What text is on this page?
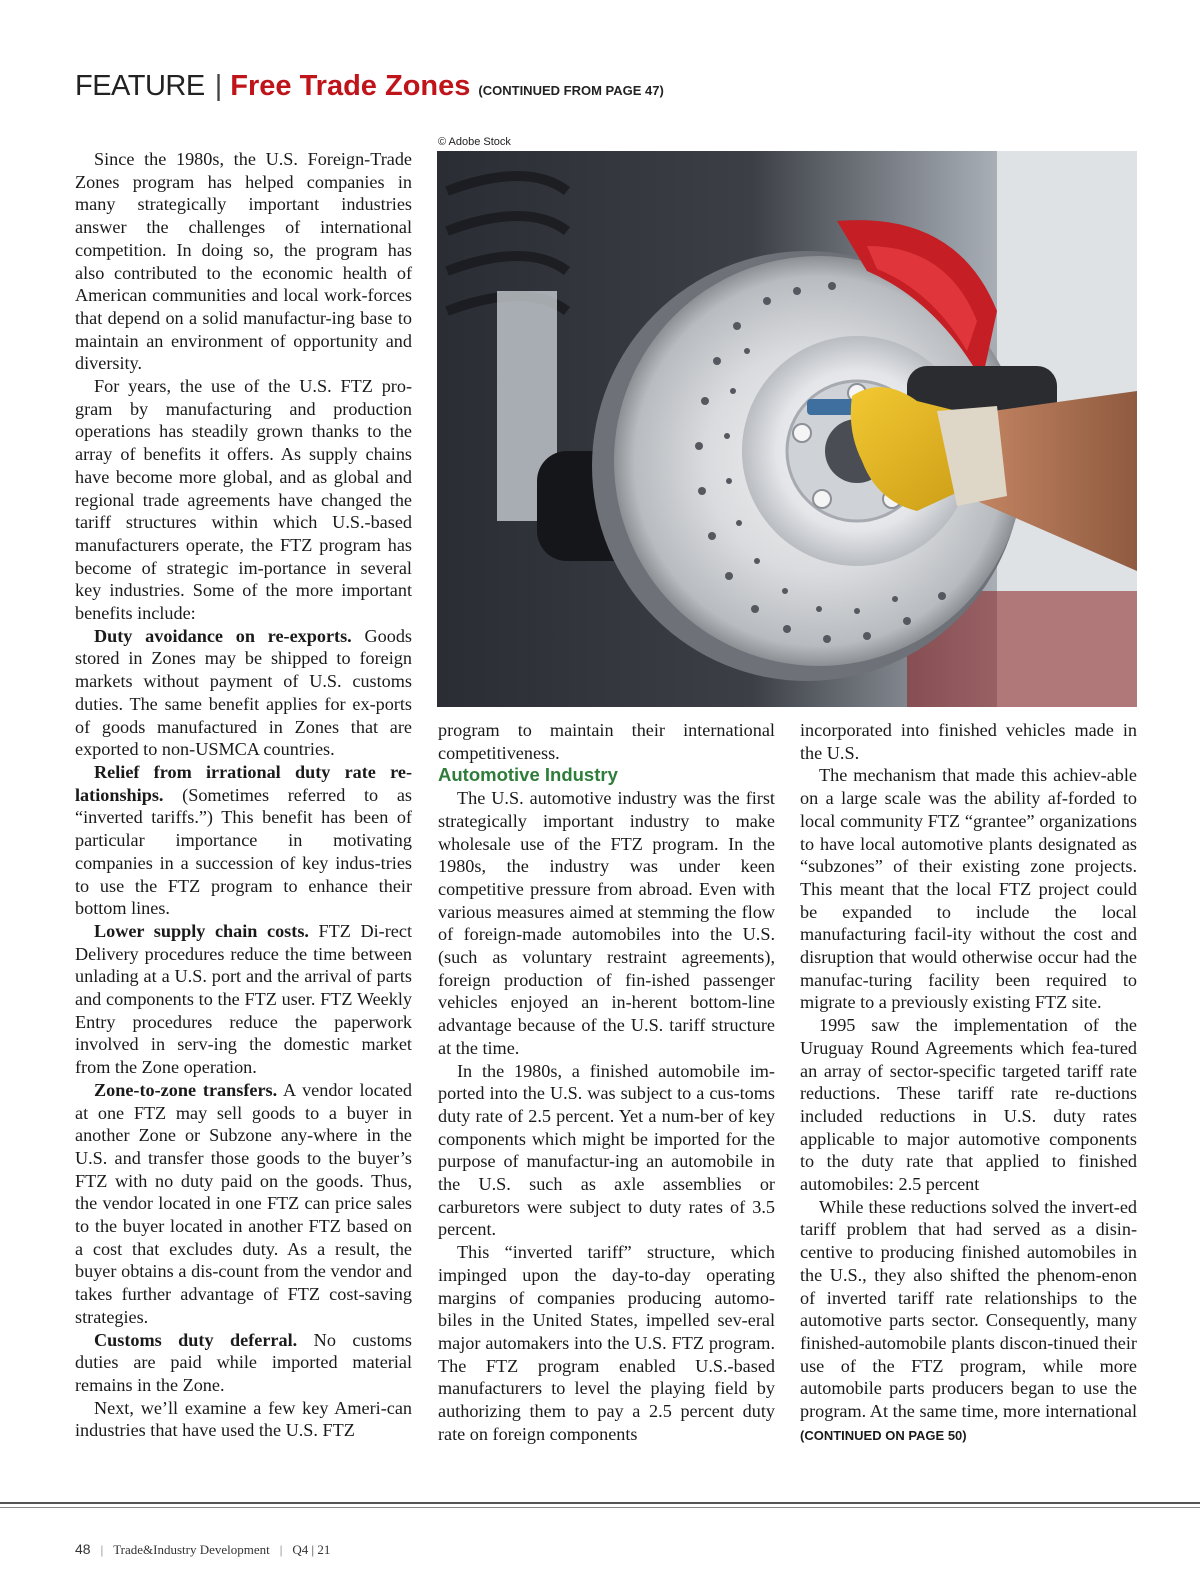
FEATURE | Free Trade Zones (CONTINUED FROM PAGE 47)
© Adobe Stock

Since the 1980s, the U.S. Foreign-Trade Zones program has helped companies in many strategically important industries answer the challenges of international competition. In doing so, the program has also contributed to the economic health of American communities and local work-forces that depend on a solid manufactur-ing base to maintain an environment of opportunity and diversity.

For years, the use of the U.S. FTZ pro-gram by manufacturing and production operations has steadily grown thanks to the array of benefits it offers. As supply chains have become more global, and as global and regional trade agreements have changed the tariff structures within which U.S.-based manufacturers operate, the FTZ program has become of strategic im-portance in several key industries. Some of the more important benefits include:

Duty avoidance on re-exports. Goods stored in Zones may be shipped to foreign markets without payment of U.S. customs duties. The same benefit applies for ex-ports of goods manufactured in Zones that are exported to non-USMCA countries.

Relief from irrational duty rate re-lationships. (Sometimes referred to as “inverted tariffs.”) This benefit has been of particular importance in motivating companies in a succession of key indus-tries to use the FTZ program to enhance their bottom lines.

Lower supply chain costs. FTZ Di-rect Delivery procedures reduce the time between unlading at a U.S. port and the arrival of parts and components to the FTZ user. FTZ Weekly Entry procedures reduce the paperwork involved in serv-ing the domestic market from the Zone operation.

Zone-to-zone transfers. A vendor located at one FTZ may sell goods to a buyer in another Zone or Subzone any-where in the U.S. and transfer those goods to the buyer’s FTZ with no duty paid on the goods. Thus, the vendor located in one FTZ can price sales to the buyer located in another FTZ based on a cost that excludes duty. As a result, the buyer obtains a dis-count from the vendor and takes further advantage of FTZ cost-saving strategies.

Customs duty deferral. No customs duties are paid while imported material remains in the Zone.

Next, we’ll examine a few key Ameri-can industries that have used the U.S. FTZ

program to maintain their international competitiveness.

Automotive Industry

The U.S. automotive industry was the first strategically important industry to make wholesale use of the FTZ program. In the 1980s, the industry was under keen competitive pressure from abroad. Even with various measures aimed at stemming the flow of foreign-made automobiles into the U.S. (such as voluntary restraint agreements), foreign production of fin-ished passenger vehicles enjoyed an in-herent bottom-line advantage because of the U.S. tariff structure at the time.

In the 1980s, a finished automobile im-ported into the U.S. was subject to a cus-toms duty rate of 2.5 percent. Yet a num-ber of key components which might be imported for the purpose of manufactur-ing an automobile in the U.S. such as axle assemblies or carburetors were subject to duty rates of 3.5 percent.

This “inverted tariff” structure, which impinged upon the day-to-day operating margins of companies producing automo-biles in the United States, impelled sev-eral major automakers into the U.S. FTZ program. The FTZ program enabled U.S.-based manufacturers to level the playing field by authorizing them to pay a 2.5 percent duty rate on foreign components

incorporated into finished vehicles made in the U.S.

The mechanism that made this achiev-able on a large scale was the ability af-forded to local community FTZ “grantee” organizations to have local automotive plants designated as “subzones” of their existing zone projects. This meant that the local FTZ project could be expanded to include the local manufacturing facil-ity without the cost and disruption that would otherwise occur had the manufac-turing facility been required to migrate to a previously existing FTZ site.

1995 saw the implementation of the Uruguay Round Agreements which fea-tured an array of sector-specific targeted tariff rate reductions. These tariff rate re-ductions included reductions in U.S. duty rates applicable to major automotive components to the duty rate that applied to finished automobiles: 2.5 percent

While these reductions solved the invert-ed tariff problem that had served as a disin-centive to producing finished automobiles in the U.S., they also shifted the phenom-enon of inverted tariff rate relationships to the automotive parts sector. Consequently, many finished-automobile plants discon-tinued their use of the FTZ program, while more automobile parts producers began to use the program. At the same time, more international (CONTINUED ON PAGE 50)

48 | Trade&Industry Development | Q4 | 21
